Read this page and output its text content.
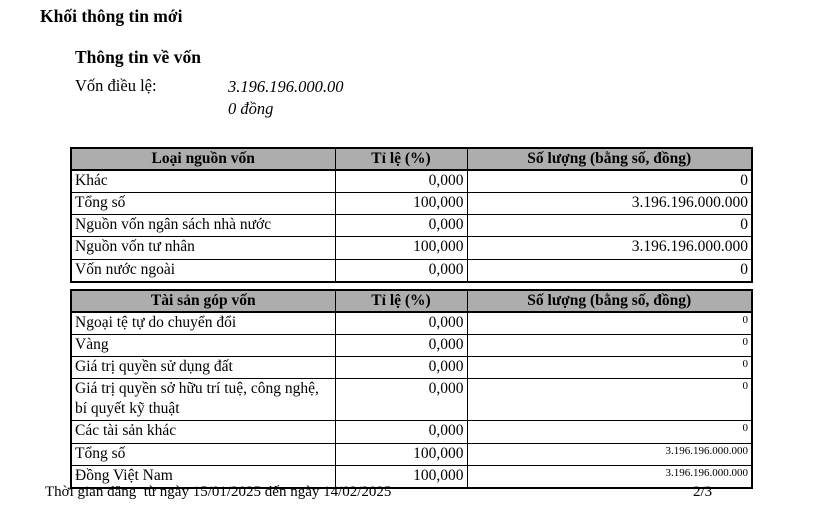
Khối thông tin mới
Thông tin về vốn
Vốn điều lệ:	3.196.196.000.00
0 đồng
Loại nguồn vốn	Tỉ lệ (%)	Số lượng (bằng số, đồng)
Khác	0,000	0
Tổng số	100,000	3.196.196.000.000
Nguồn vốn ngân sách nhà nước	0,000	0
Nguồn vốn tư nhân	100,000	3.196.196.000.000
Vốn nước ngoài	0,000	0
Tài sản góp vốn	Tỉ lệ (%)	Số lượng (bằng số, đồng)
Ngoại tệ tự do chuyển đổi	0,000	0
Vàng	0,000	0
Giá trị quyền sử dụng đất	0,000	0
Giá trị quyền sở hữu trí tuệ, công nghệ, bí quyết kỹ thuật	0,000	0
Các tài sản khác	0,000	0
Tổng số	100,000	3.196.196.000.000
Đồng Việt Nam	100,000	3.196.196.000.000
Thời gian đăng  từ ngày 15/01/2025 đến ngày 14/02/2025	2/3
